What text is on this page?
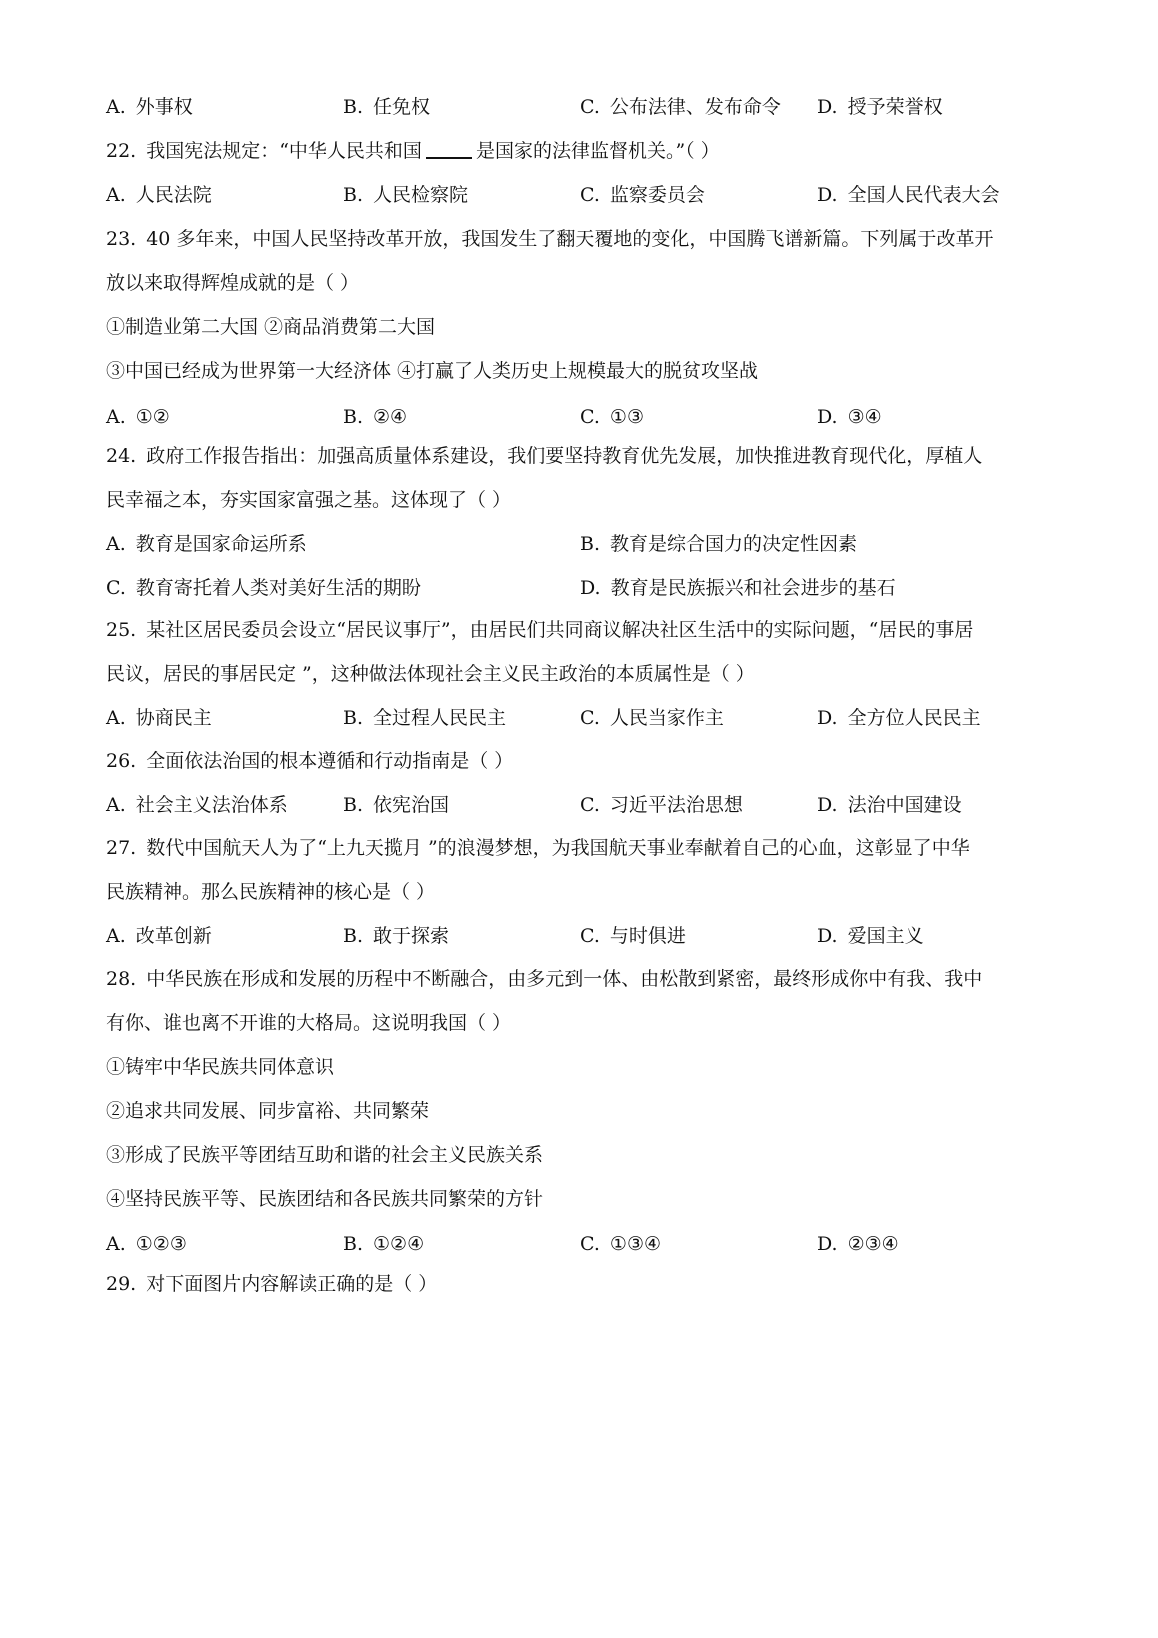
A. 外事权	B. 任免权	C. 公布法律、发布命令 D. 授予荣誉权
22. 我国宪法规定：“中华人民共和国	是国家的法律监督机关。”（ ）
A. 人民法院	B. 人民检察院	C. 监察委员会	D. 全国人民代表大会
23. 40 多年来，中国人民坚持改革开放，我国发生了翻天覆地的变化，中国腾飞谱新篇。下列属于改革开
放以来取得辉煌成就的是（ ）
①制造业第二大国 ②商品消费第二大国
③中国已经成为世界第一大经济体 ④打赢了人类历史上规模最大的脱贫攻坚战
A. ①②	B. ②④	C. ①③	D. ③④
24. 政府工作报告指出：加强高质量体系建设，我们要坚持教育优先发展，加快推进教育现代化，厚植人
民幸福之本，夯实国家富强之基。这体现了（ ）
A. 教育是国家命运所系	B. 教育是综合国力的决定性因素
C. 教育寄托着人类对美好生活的期盼	D. 教育是民族振兴和社会进步的基石
25. 某社区居民委员会设立“居民议事厅”，由居民们共同商议解决社区生活中的实际问题，“居民的事居
民议，居民的事居民定 ”，这种做法体现社会主义民主政治的本质属性是（ ）
A. 协商民主	B. 全过程人民民主	C. 人民当家作主	D. 全方位人民民主
26. 全面依法治国的根本遵循和行动指南是（ ）
A. 社会主义法治体系	B. 依宪治国	C. 习近平法治思想	D. 法治中国建设
27. 数代中国航天人为了“上九天揽月 ”的浪漫梦想，为我国航天事业奉献着自己的心血，这彰显了中华
民族精神。那么民族精神的核心是（ ）
A. 改革创新	B. 敢于探索	C. 与时俱进	D. 爱国主义
28. 中华民族在形成和发展的历程中不断融合，由多元到一体、由松散到紧密，最终形成你中有我、我中
有你、谁也离不开谁的大格局。这说明我国（ ）
①铸牢中华民族共同体意识
②追求共同发展、同步富裕、共同繁荣
③形成了民族平等团结互助和谐的社会主义民族关系
④坚持民族平等、民族团结和各民族共同繁荣的方针
A. ①②③	B. ①②④	C. ①③④	D. ②③④
29. 对下面图片内容解读正确的是（ ）
